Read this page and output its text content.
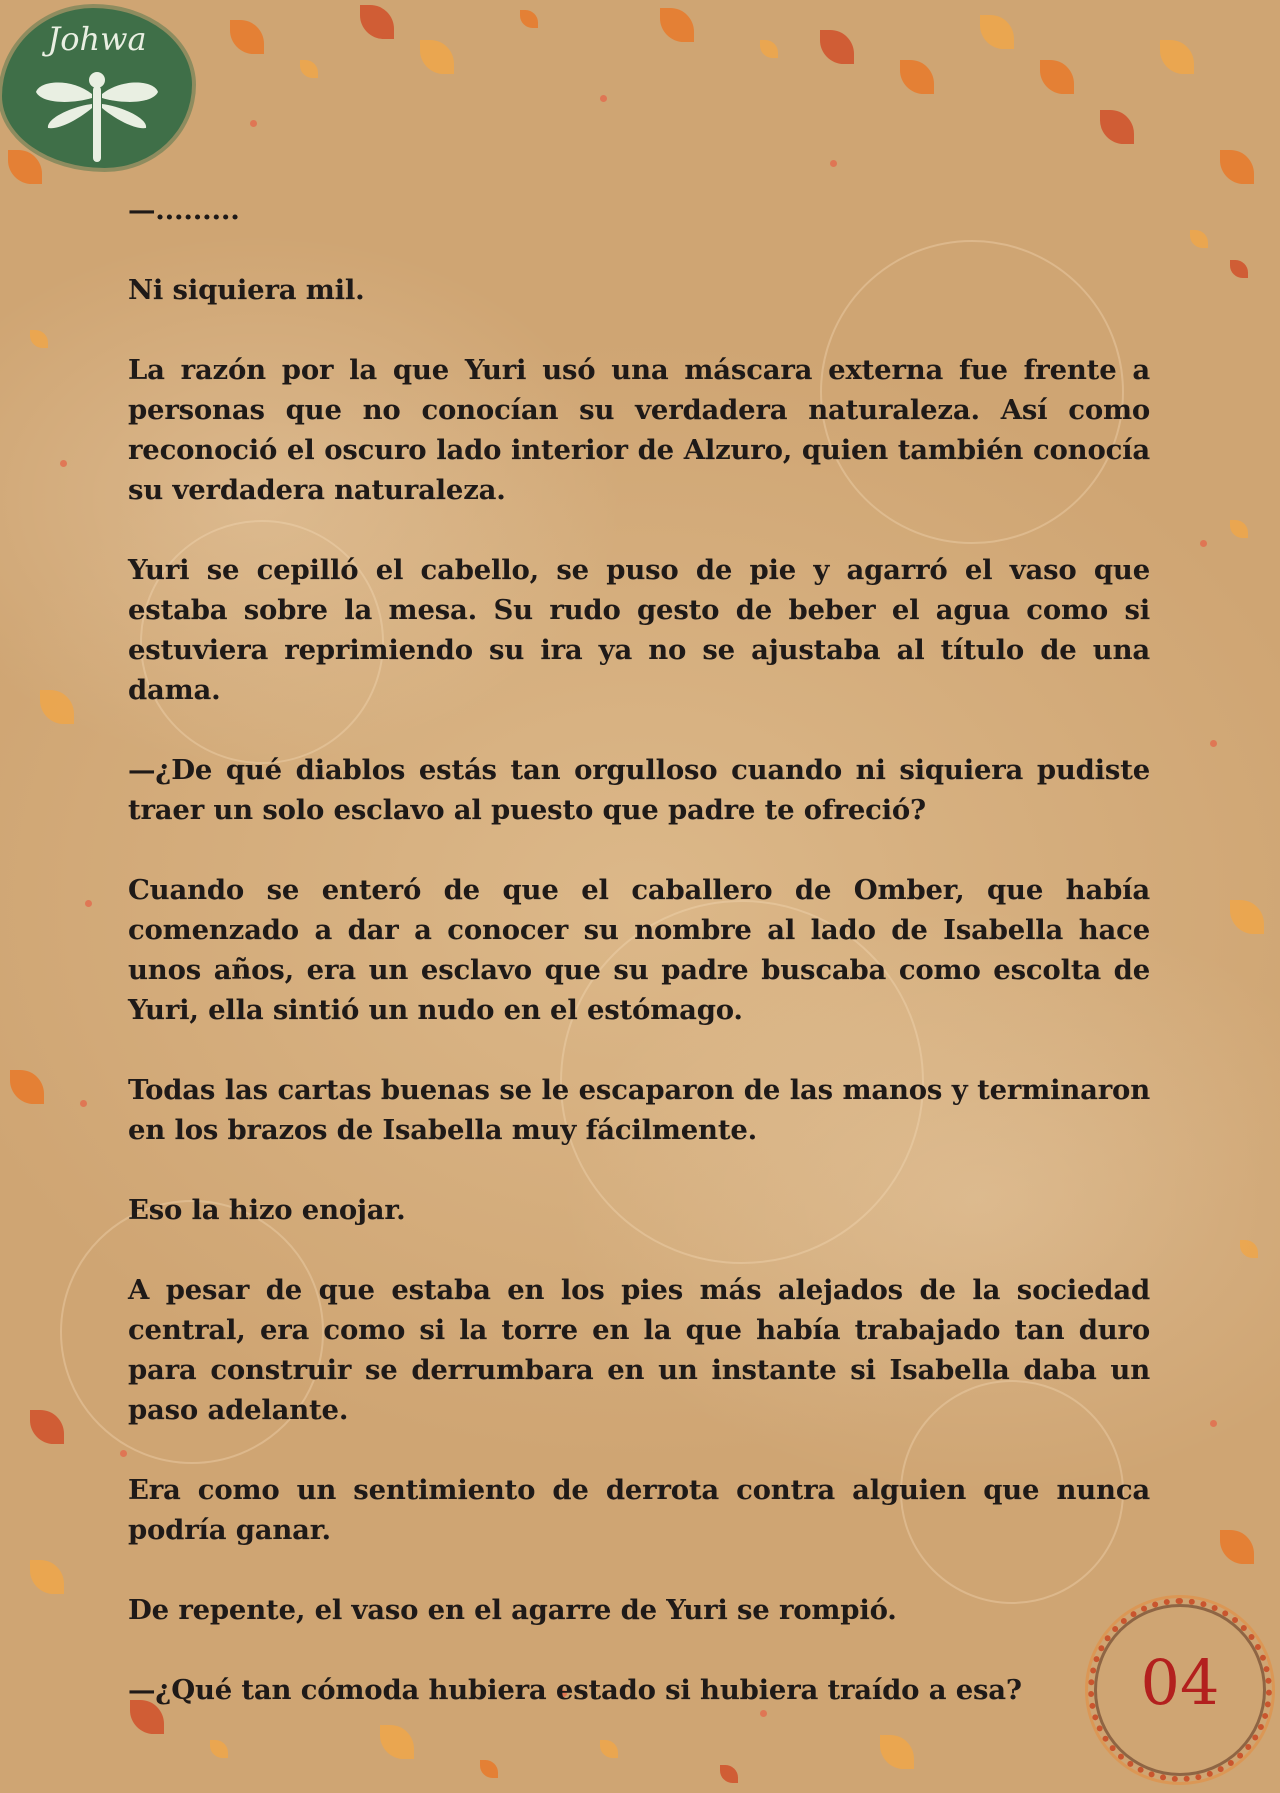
Johwa

—.........

Ni siquiera mil.

La razón por la que Yuri usó una máscara externa fue frente a personas que no conocían su verdadera naturaleza. Así como reconoció el oscuro lado interior de Alzuro, quien también conocía su verdadera naturaleza.

Yuri se cepilló el cabello, se puso de pie y agarró el vaso que estaba sobre la mesa. Su rudo gesto de beber el agua como si estuviera reprimiendo su ira ya no se ajustaba al título de una dama.

—¿De qué diablos estás tan orgulloso cuando ni siquiera pudiste traer un solo esclavo al puesto que padre te ofreció?

Cuando se enteró de que el caballero de Omber, que había comenzado a dar a conocer su nombre al lado de Isabella hace unos años, era un esclavo que su padre buscaba como escolta de Yuri, ella sintió un nudo en el estómago.

Todas las cartas buenas se le escaparon de las manos y terminaron en los brazos de Isabella muy fácilmente.

Eso la hizo enojar.

A pesar de que estaba en los pies más alejados de la sociedad central, era como si la torre en la que había trabajado tan duro para construir se derrumbara en un instante si Isabella daba un paso adelante.

Era como un sentimiento de derrota contra alguien que nunca podría ganar.

De repente, el vaso en el agarre de Yuri se rompió.

—¿Qué tan cómoda hubiera estado si hubiera traído a esa?	04
